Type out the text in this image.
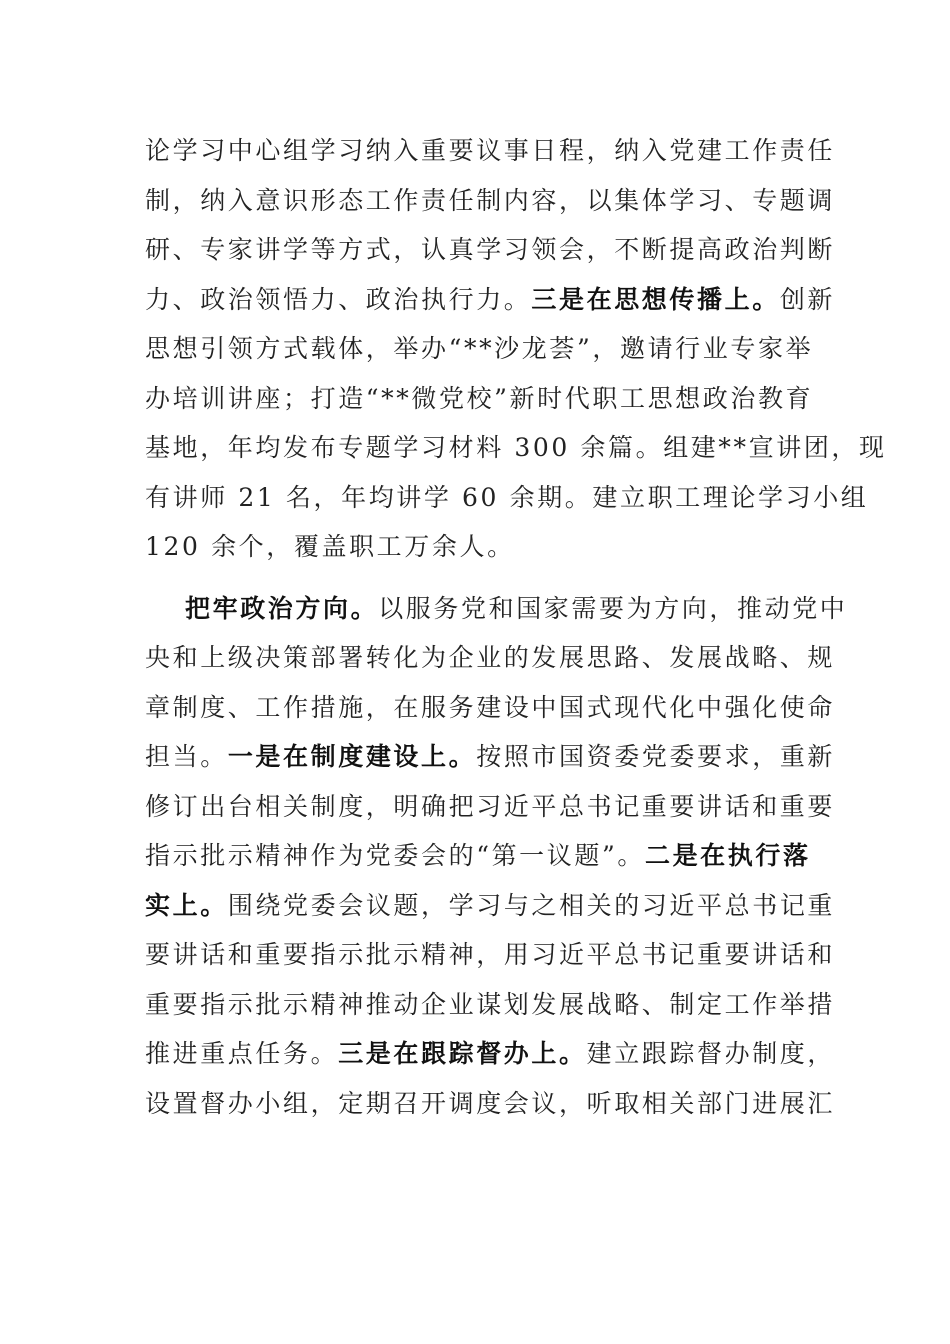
论学习中心组学习纳入重要议事日程，纳入党建工作责任
制，纳入意识形态工作责任制内容，以集体学习、专题调
研、专家讲学等方式，认真学习领会，不断提高政治判断
力、政治领悟力、政治执行力。三是在思想传播上。创新
思想引领方式载体，举办“**沙龙荟”，邀请行业专家举
办培训讲座；打造“**微党校”新时代职工思想政治教育
基地，年均发布专题学习材料 300 余篇。组建**宣讲团，现
有讲师 21 名，年均讲学 60 余期。建立职工理论学习小组
120 余个，覆盖职工万余人。
把牢政治方向。以服务党和国家需要为方向，推动党中
央和上级决策部署转化为企业的发展思路、发展战略、规
章制度、工作措施，在服务建设中国式现代化中强化使命
担当。一是在制度建设上。按照市国资委党委要求，重新
修订出台相关制度，明确把习近平总书记重要讲话和重要
指示批示精神作为党委会的“第一议题”。二是在执行落
实上。围绕党委会议题，学习与之相关的习近平总书记重
要讲话和重要指示批示精神，用习近平总书记重要讲话和
重要指示批示精神推动企业谋划发展战略、制定工作举措
推进重点任务。三是在跟踪督办上。建立跟踪督办制度，
设置督办小组，定期召开调度会议，听取相关部门进展汇
